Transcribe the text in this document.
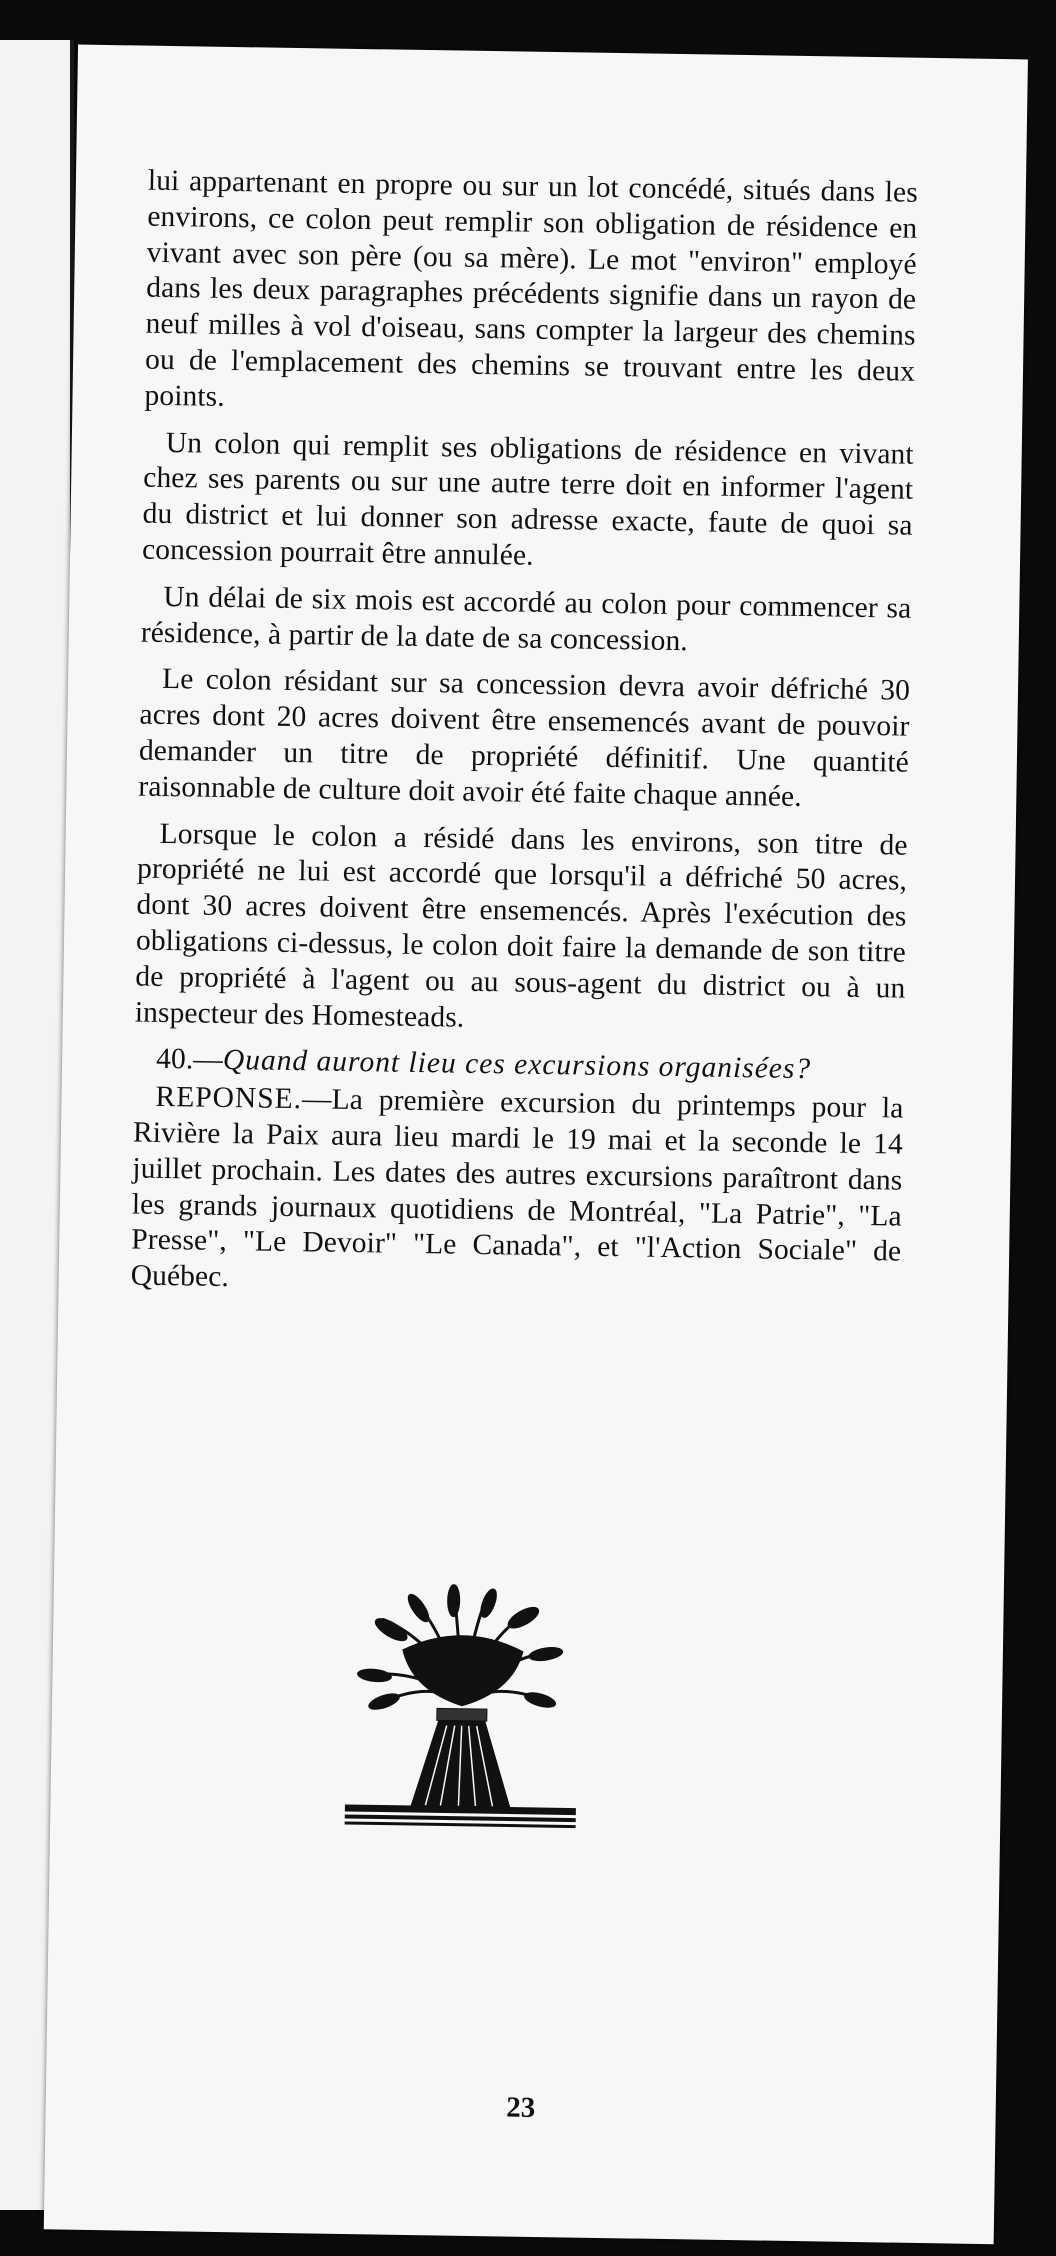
lui appartenant en propre ou sur un lot concédé, situés dans les environs, ce colon peut remplir son obligation de résidence en vivant avec son père (ou sa mère). Le mot "environ" employé dans les deux paragraphes précédents signifie dans un rayon de neuf milles à vol d'oiseau, sans compter la largeur des chemins ou de l'emplacement des chemins se trouvant entre les deux points.

Un colon qui remplit ses obligations de résidence en vivant chez ses parents ou sur une autre terre doit en informer l'agent du district et lui donner son adresse exacte, faute de quoi sa concession pourrait être annulée.

Un délai de six mois est accordé au colon pour commencer sa résidence, à partir de la date de sa concession.

Le colon résidant sur sa concession devra avoir défriché 30 acres dont 20 acres doivent être ensemencés avant de pouvoir demander un titre de propriété définitif. Une quantité raisonnable de culture doit avoir été faite chaque année.

Lorsque le colon a résidé dans les environs, son titre de propriété ne lui est accordé que lorsqu'il a défriché 50 acres, dont 30 acres doivent être ensemencés. Après l'exécution des obligations ci-dessus, le colon doit faire la demande de son titre de propriété à l'agent ou au sous-agent du district ou à un inspecteur des Homesteads.

40.—Quand auront lieu ces excursions organisées?

REPONSE.—La première excursion du printemps pour la Rivière la Paix aura lieu mardi le 19 mai et la seconde le 14 juillet prochain. Les dates des autres excursions paraîtront dans les grands journaux quotidiens de Montréal, "La Patrie", "La Presse", "Le Devoir" "Le Canada", et "l'Action Sociale" de Québec.

23
